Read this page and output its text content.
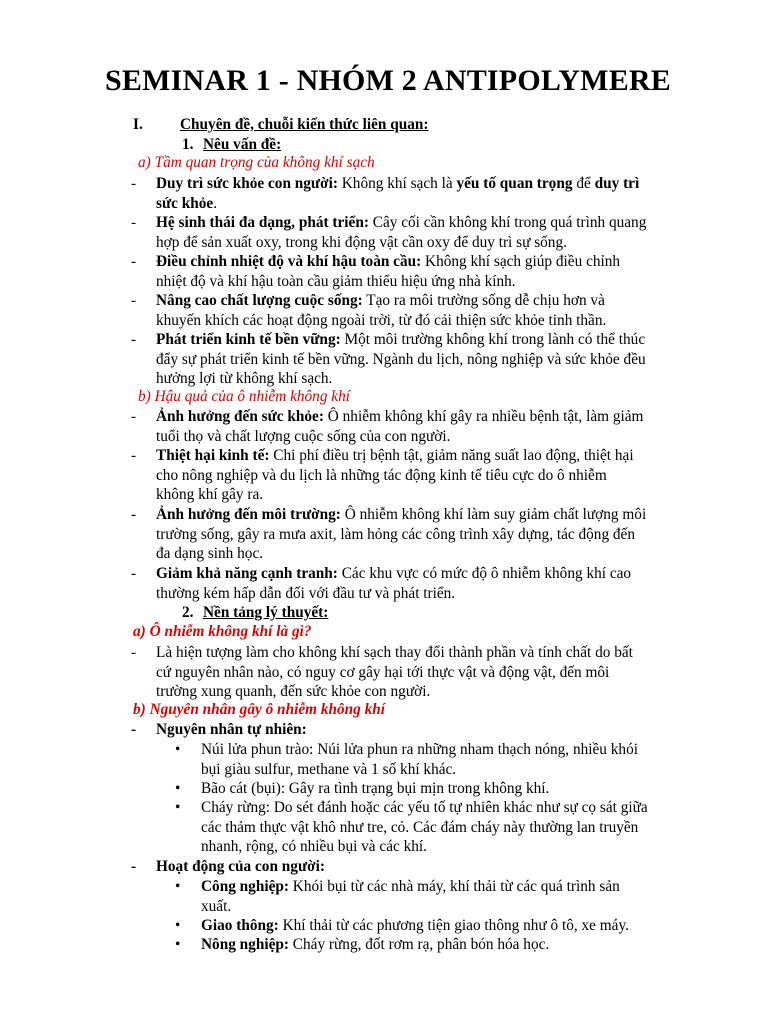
SEMINAR 1 - NHÓM 2 ANTIPOLYMERE
I. Chuyên đề, chuỗi kiến thức liên quan:
1. Nêu vấn đề:
a) Tầm quan trọng của không khí sạch
- Duy trì sức khỏe con người: Không khí sạch là yếu tố quan trọng để duy trì
sức khỏe.
- Hệ sinh thái đa dạng, phát triển: Cây cối cần không khí trong quá trình quang
hợp để sản xuất oxy, trong khi động vật cần oxy để duy trì sự sống.
- Điều chỉnh nhiệt độ và khí hậu toàn cầu: Không khí sạch giúp điều chỉnh
nhiệt độ và khí hậu toàn cầu giảm thiểu hiệu ứng nhà kính.
- Nâng cao chất lượng cuộc sống: Tạo ra môi trường sống dễ chịu hơn và
khuyến khích các hoạt động ngoài trời, từ đó cải thiện sức khỏe tinh thần.
- Phát triển kinh tế bền vững: Một môi trường không khí trong lành có thể thúc
đẩy sự phát triển kinh tế bền vững. Ngành du lịch, nông nghiệp và sức khỏe đều
hưởng lợi từ không khí sạch.
b) Hậu quả của ô nhiễm không khí
- Ảnh hưởng đến sức khỏe: Ô nhiễm không khí gây ra nhiều bệnh tật, làm giảm
tuổi thọ và chất lượng cuộc sống của con người.
- Thiệt hại kinh tế: Chi phí điều trị bệnh tật, giảm năng suất lao động, thiệt hại
cho nông nghiệp và du lịch là những tác động kinh tế tiêu cực do ô nhiễm
không khí gây ra.
- Ảnh hưởng đến môi trường: Ô nhiễm không khí làm suy giảm chất lượng môi
trường sống, gây ra mưa axit, làm hỏng các công trình xây dựng, tác động đến
đa dạng sinh học.
- Giảm khả năng cạnh tranh: Các khu vực có mức độ ô nhiễm không khí cao
thường kém hấp dẫn đối với đầu tư và phát triển.
2. Nền tảng lý thuyết:
a) Ô nhiễm không khí là gì?
- Là hiện tượng làm cho không khí sạch thay đổi thành phần và tính chất do bất
cứ nguyên nhân nào, có nguy cơ gây hại tới thực vật và động vật, đến môi
trường xung quanh, đến sức khỏe con người.
b) Nguyên nhân gây ô nhiễm không khí
- Nguyên nhân tự nhiên:
• Núi lửa phun trào: Núi lửa phun ra những nham thạch nóng, nhiều khói
bụi giàu sulfur, methane và 1 số khí khác.
• Bão cát (bụi): Gây ra tình trạng bụi mịn trong không khí.
• Cháy rừng: Do sét đánh hoặc các yếu tố tự nhiên khác như sự cọ sát giữa
các thảm thực vật khô như tre, cỏ. Các đám cháy này thường lan truyền
nhanh, rộng, có nhiều bụi và các khí.
- Hoạt động của con người:
• Công nghiệp: Khói bụi từ các nhà máy, khí thải từ các quá trình sản
xuất.
• Giao thông: Khí thải từ các phương tiện giao thông như ô tô, xe máy.
• Nông nghiệp: Cháy rừng, đốt rơm rạ, phân bón hóa học.
